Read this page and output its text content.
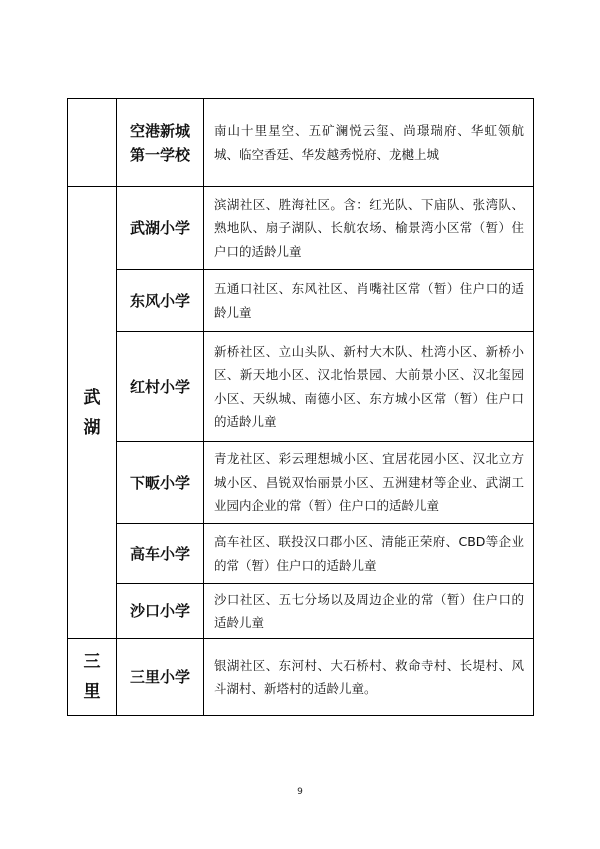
	空港新城第一学校	南山十里星空、五矿澜悦云玺、尚璟瑞府、华虹领航城、临空香廷、华发越秀悦府、龙樾上城
武湖	武湖小学	滨湖社区、胜海社区。含：红光队、下庙队、张湾队、熟地队、扇子湖队、长航农场、榆景湾小区常（暂）住户口的适龄儿童
	东风小学	五通口社区、东风社区、肖嘴社区常（暂）住户口的适龄儿童
	红村小学	新桥社区、立山头队、新村大木队、杜湾小区、新桥小区、新天地小区、汉北怡景园、大前景小区、汉北玺园小区、天纵城、南德小区、东方城小区常（暂）住户口的适龄儿童
	下畈小学	青龙社区、彩云理想城小区、宜居花园小区、汉北立方城小区、昌锐双怡丽景小区、五洲建材等企业、武湖工业园内企业的常（暂）住户口的适龄儿童
	高车小学	高车社区、联投汉口郡小区、清能正荣府、CBD等企业的常（暂）住户口的适龄儿童
	沙口小学	沙口社区、五七分场以及周边企业的常（暂）住户口的适龄儿童
三里	三里小学	银湖社区、东河村、大石桥村、救命寺村、长堤村、风斗湖村、新塔村的适龄儿童。
9
